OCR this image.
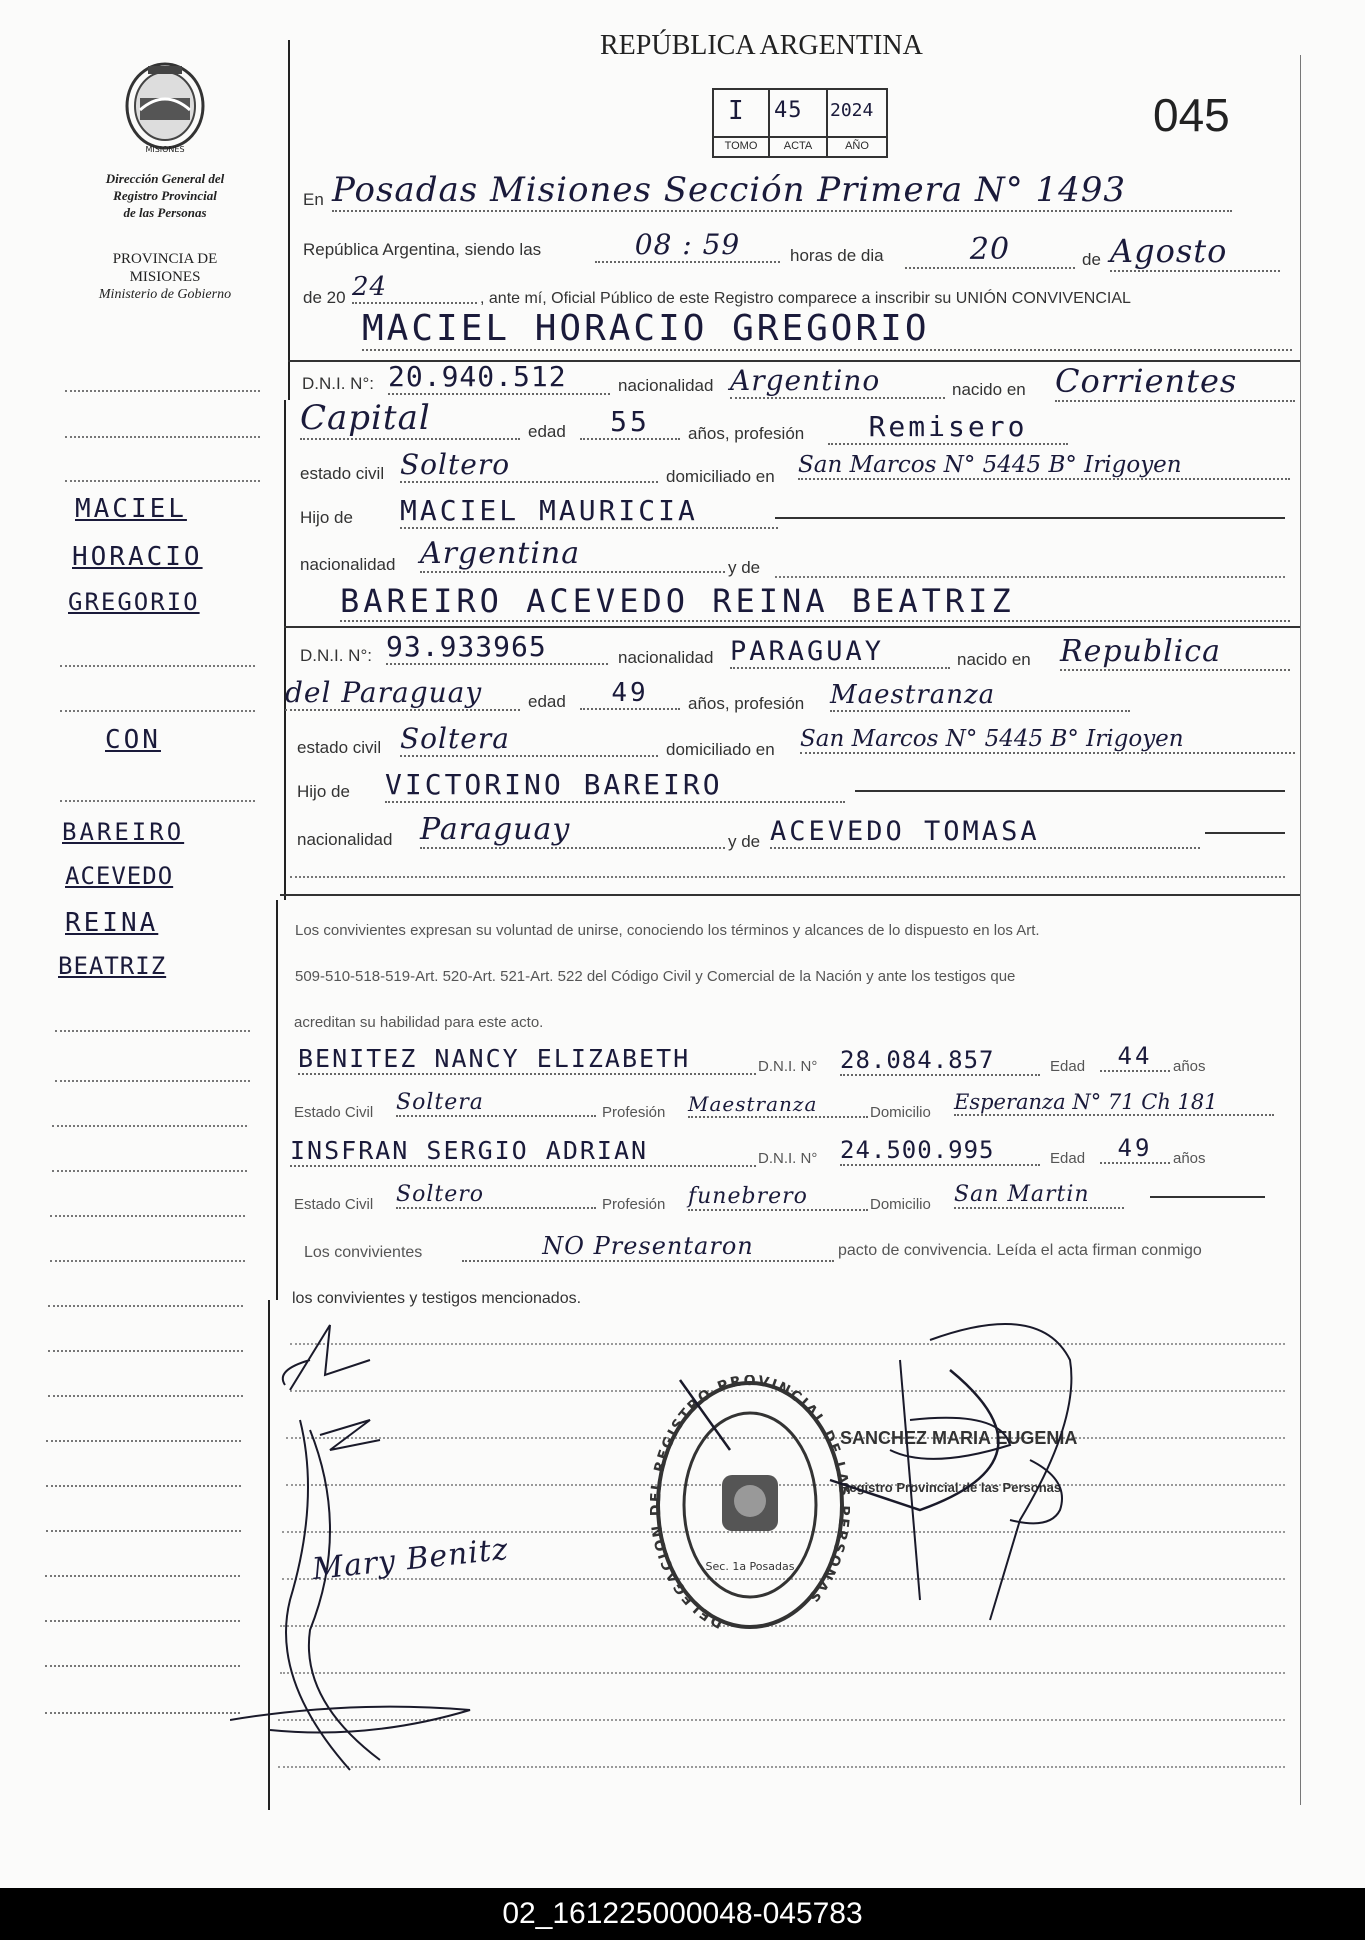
REPÚBLICA ARGENTINA
045
I 45 2024
TOMO	ACTA	AÑO
MISIONES
Dirección General del
Registro Provincial
de las Personas
PROVINCIA DE
MISIONES
Ministerio de Gobierno
MACIEL
HORACIO
GREGORIO
CON
BAREIRO
ACEVEDO
REINA
BEATRIZ
En Posadas Misiones Sección Primera N° 1493
República Argentina, siendo las	08 : 59	horas de dia	20	de Agosto
de 20 24	, ante mí, Oficial Público de este Registro comparece a inscribir su UNIÓN CONVIVENCIAL
MACIEL HORACIO GREGORIO
D.N.I. N°: 20.940.512	nacionalidad Argentino	nacido en Corrientes
Capital	edad	55	años, profesión	Remisero
estado civil Soltero	domiciliado en San Marcos N° 5445 B° Irigoyen
Hijo de MACIEL MAURICIA
nacionalidad Argentina	y de
BAREIRO ACEVEDO REINA BEATRIZ
D.N.I. N°: 93.933965	nacionalidad PARAGUAY	nacido en Republica
del Paraguay	edad	49	años, profesión Maestranza
estado civil Soltera	domiciliado en San Marcos N° 5445 B° Irigoyen
Hijo de VICTORINO BAREIRO
nacionalidad Paraguay	y de ACEVEDO TOMASA
Los convivientes expresan su voluntad de unirse, conociendo los términos y alcances de lo dispuesto en los Art.
509-510-518-519-Art. 520-Art. 521-Art. 522 del Código Civil y Comercial de la Nación y ante los testigos que
acreditan su habilidad para este acto.
BENITEZ NANCY ELIZABETH	D.N.I. N° 28.084.857	Edad	44	años
Estado Civil Soltera	Profesión Maestranza	Domicilio Esperanza N° 71 Ch 181
INSFRAN SERGIO ADRIAN	D.N.I. N° 24.500.995	Edad	49	años
Estado Civil Soltero	Profesión funebrero	Domicilio San Martin
Los convivientes	NO Presentaron	pacto de convivencia. Leída el acta firman conmigo
los convivientes y testigos mencionados.
DELEGACION L REGISTRO PROVINCIAL DE LA ERSONAS
Sec. 1a Posadas
SANCHEZ MARIA EUGENIA
Registro Provincial de las Personas
Mary Benitz
02_161225000048-045783
